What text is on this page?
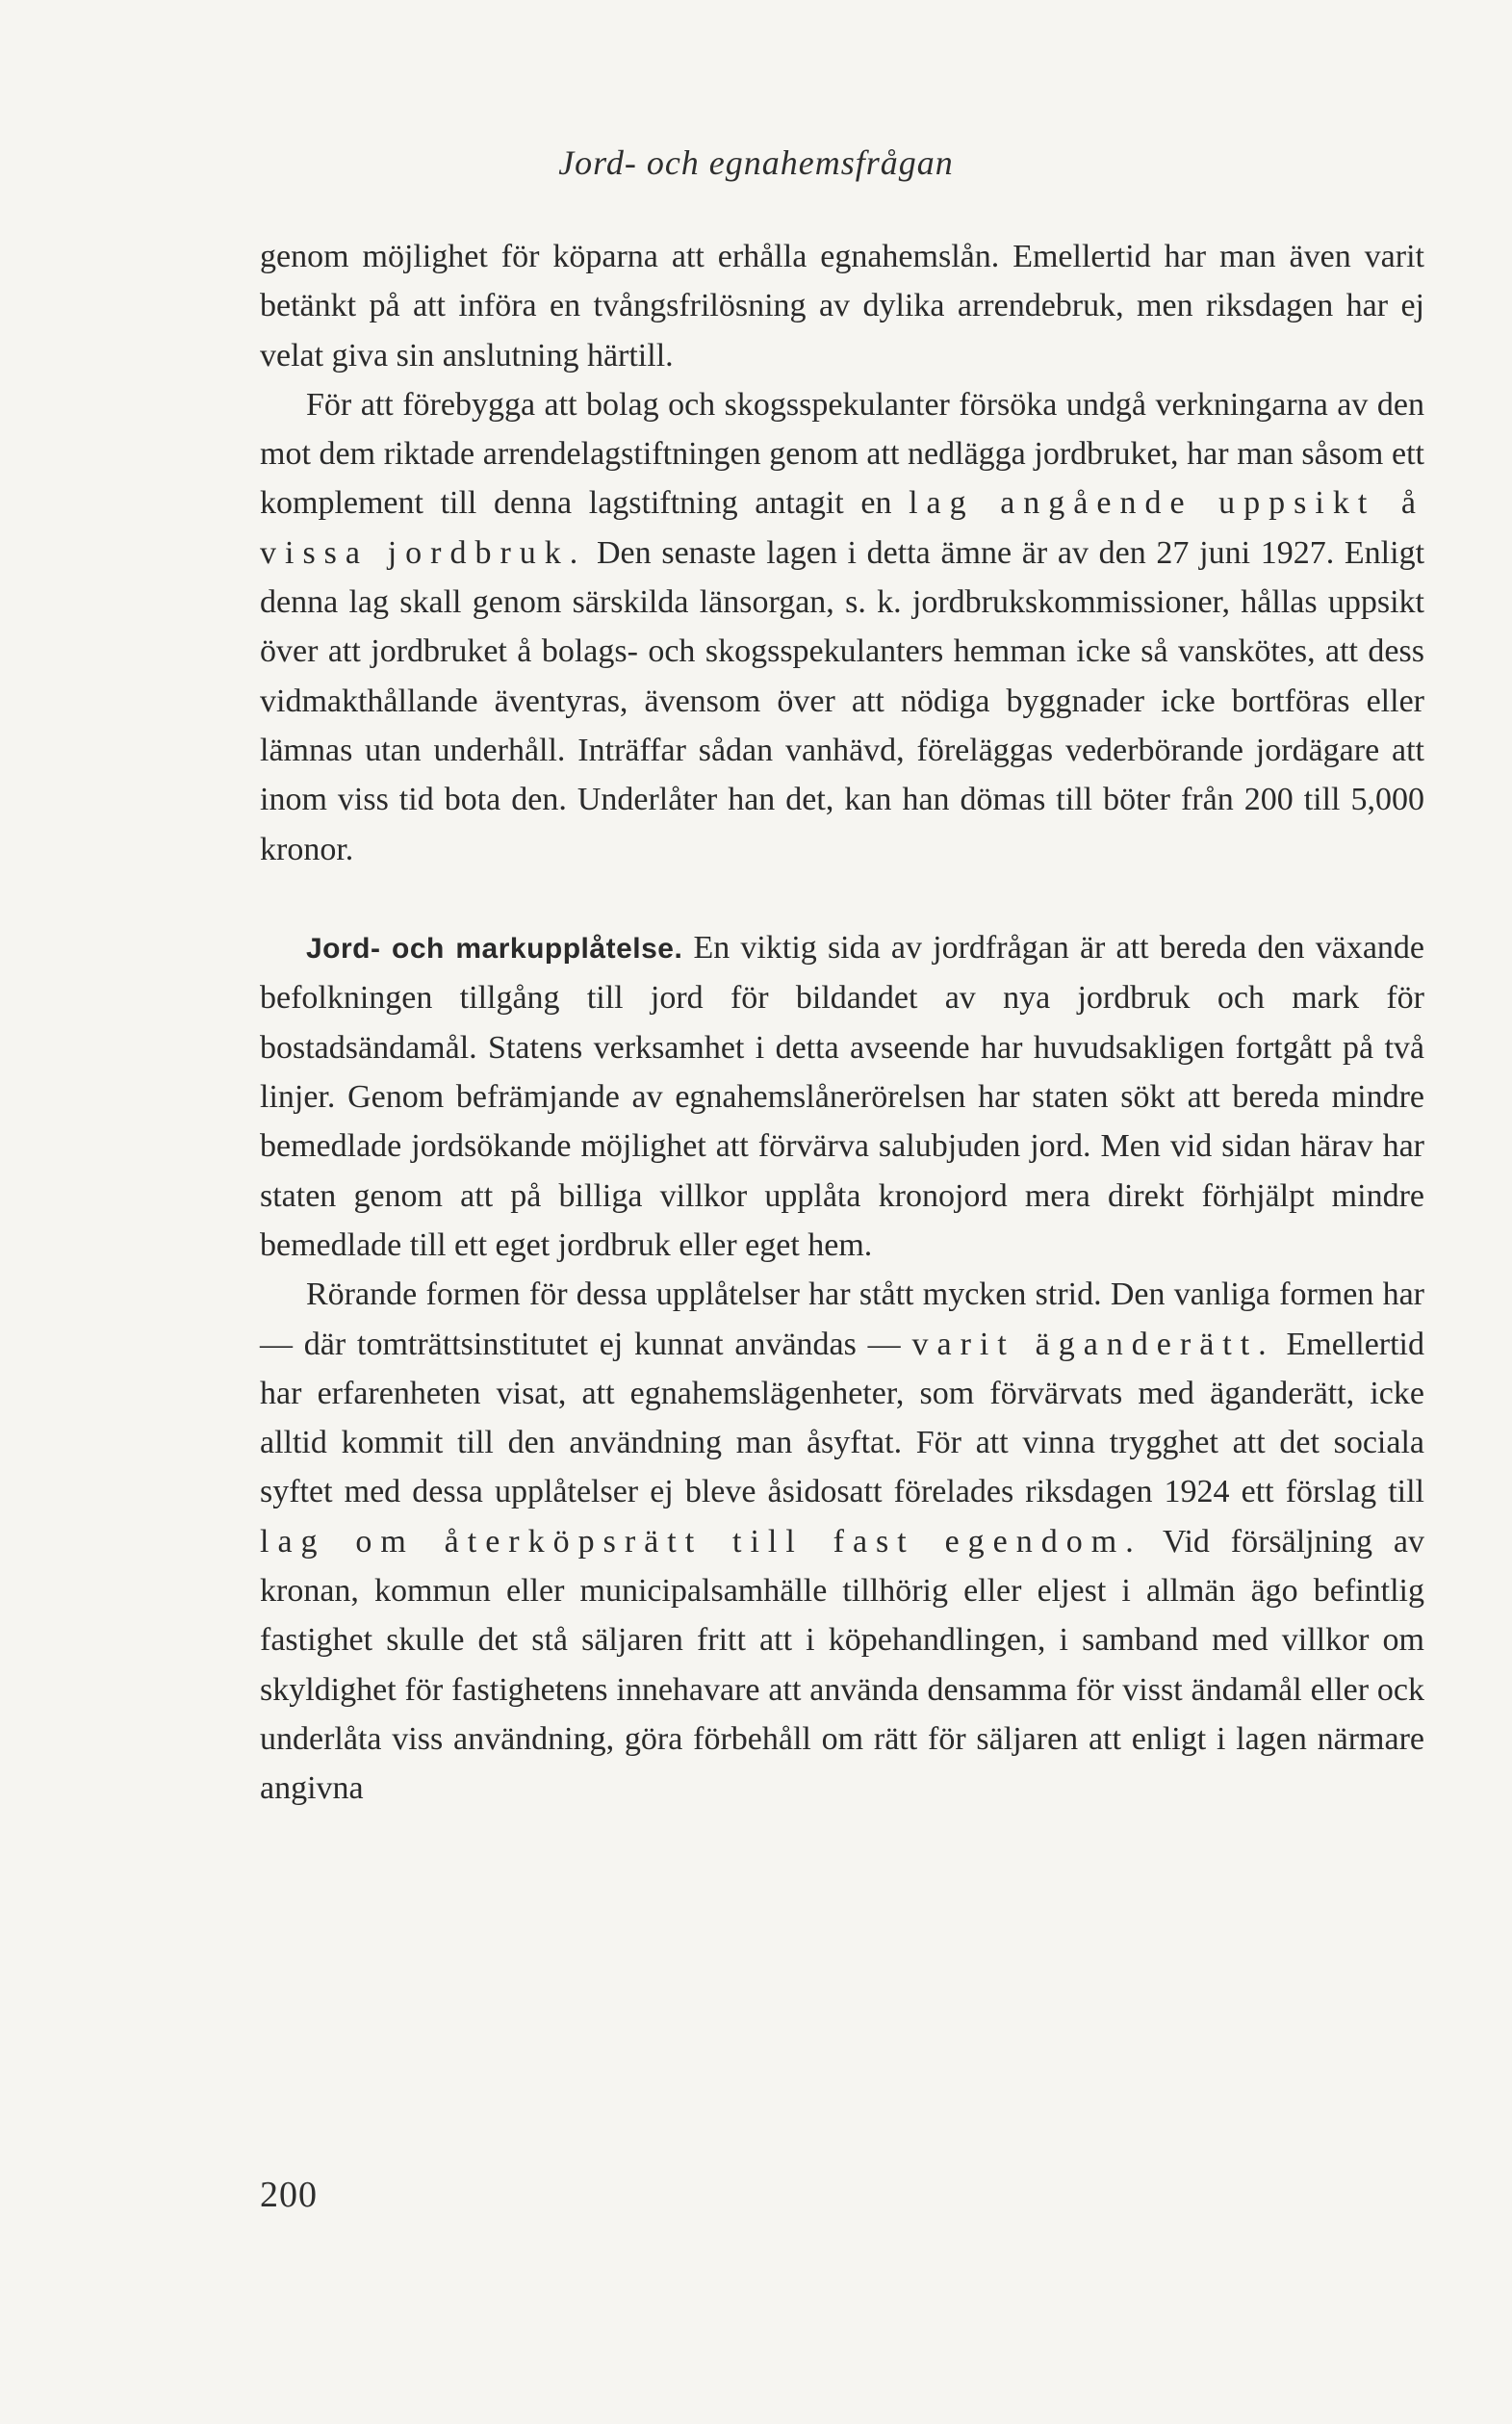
Jord- och egnahemsfrågan

genom möjlighet för köparna att erhålla egnahemslån. Emellertid har man även varit betänkt på att införa en tvångsfrilösning av dylika arrendebruk, men riksdagen har ej velat giva sin anslutning härtill.

För att förebygga att bolag och skogsspekulanter försöka undgå verkningarna av den mot dem riktade arrendelagstiftningen genom att nedlägga jordbruket, har man såsom ett komplement till denna lagstiftning antagit en lag angående uppsikt å vissa jordbruk. Den senaste lagen i detta ämne är av den 27 juni 1927. Enligt denna lag skall genom särskilda länsorgan, s. k. jordbrukskommissioner, hållas uppsikt över att jordbruket å bolags- och skogsspekulanters hemman icke så vanskötes, att dess vidmakthållande äventyras, ävensom över att nödiga byggnader icke bortföras eller lämnas utan underhåll. Inträffar sådan vanhävd, föreläggas vederbörande jordägare att inom viss tid bota den. Underlåter han det, kan han dömas till böter från 200 till 5,000 kronor.

Jord- och markupplåtelse. En viktig sida av jordfrågan är att bereda den växande befolkningen tillgång till jord för bildandet av nya jordbruk och mark för bostadsändamål. Statens verksamhet i detta avseende har huvudsakligen fortgått på två linjer. Genom befrämjande av egnahemslånerörelsen har staten sökt att bereda mindre bemedlade jordsökande möjlighet att förvärva salubjuden jord. Men vid sidan härav har staten genom att på billiga villkor upplåta kronojord mera direkt förhjälpt mindre bemedlade till ett eget jordbruk eller eget hem.

Rörande formen för dessa upplåtelser har stått mycken strid. Den vanliga formen har — där tomträttsinstitutet ej kunnat användas — varit äganderätt. Emellertid har erfarenheten visat, att egnahemslägenheter, som förvärvats med äganderätt, icke alltid kommit till den användning man åsyftat. För att vinna trygghet att det sociala syftet med dessa upplåtelser ej bleve åsidosatt förelades riksdagen 1924 ett förslag till lag om återköpsrätt till fast egendom. Vid försäljning av kronan, kommun eller municipalsamhälle tillhörig eller eljest i allmän ägo befintlig fastighet skulle det stå säljaren fritt att i köpehandlingen, i samband med villkor om skyldighet för fastighetens innehavare att använda densamma för visst ändamål eller ock underlåta viss användning, göra förbehåll om rätt för säljaren att enligt i lagen närmare angivna

200
